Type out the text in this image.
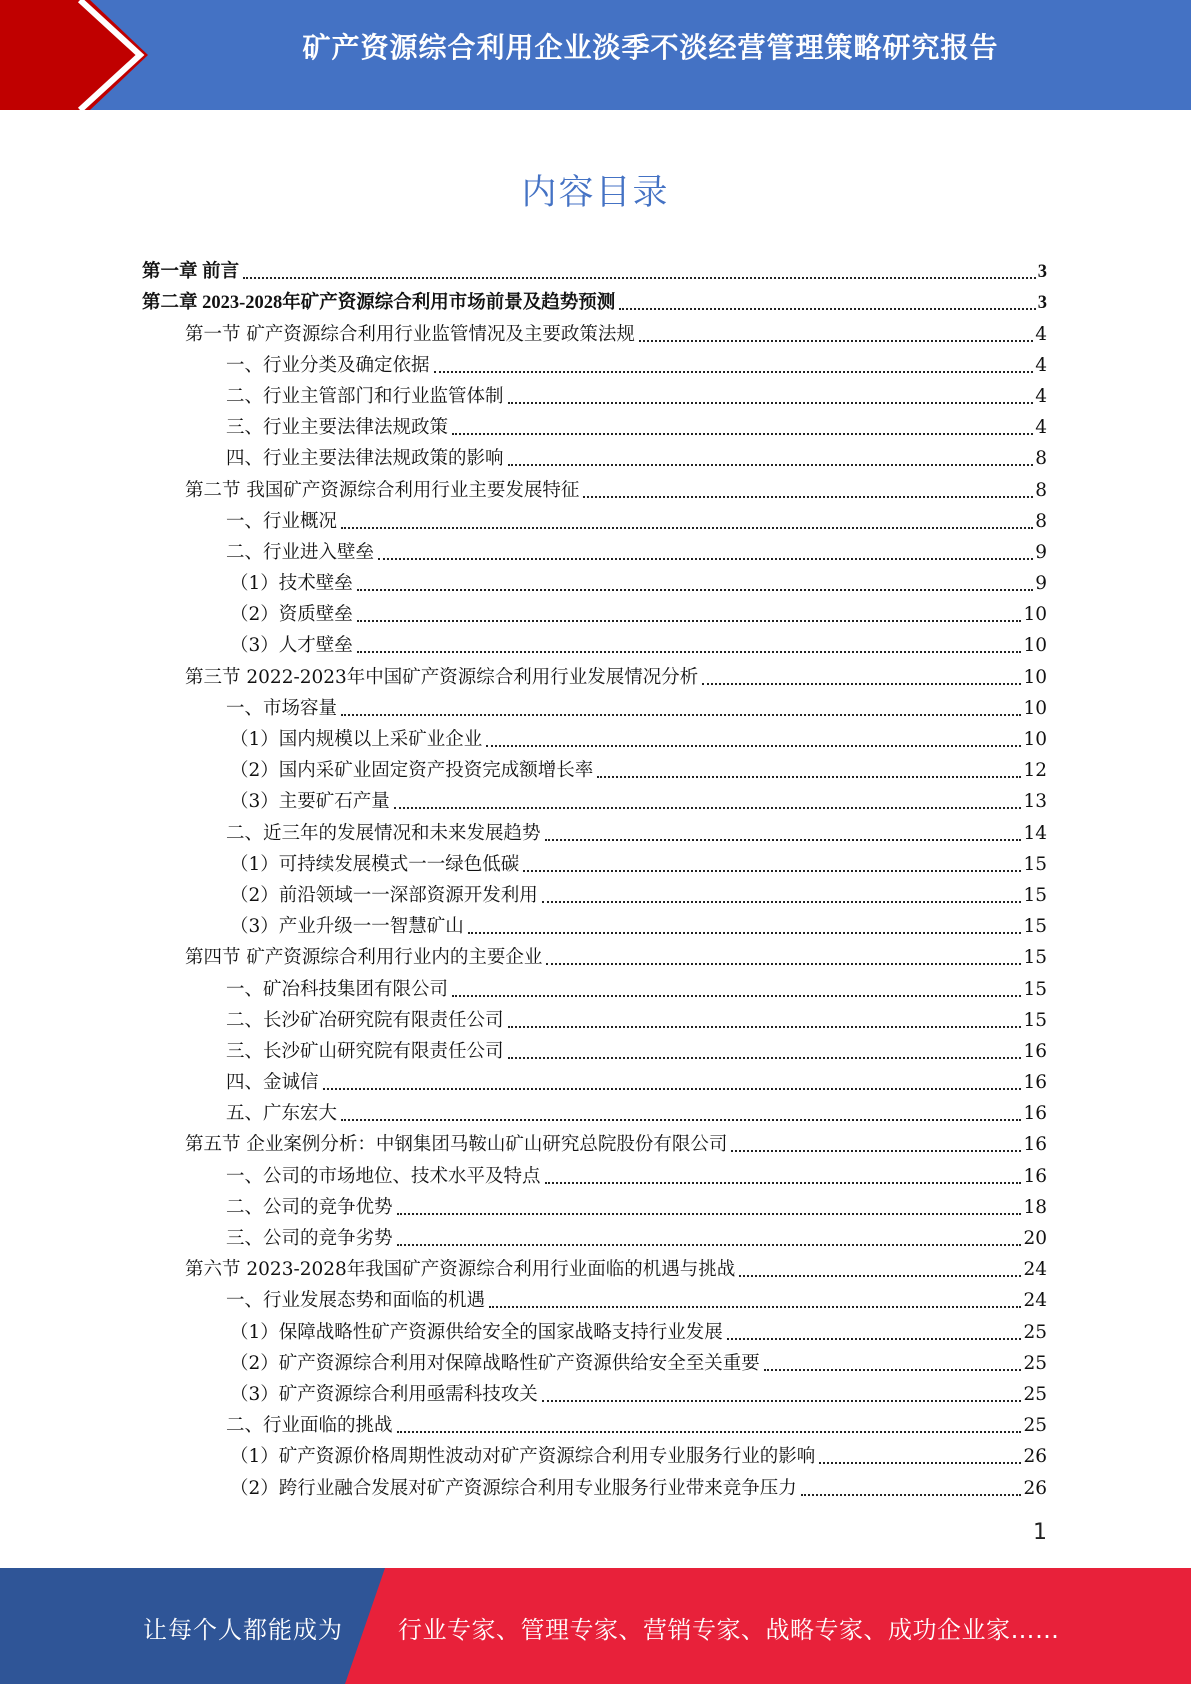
矿产资源综合利用企业淡季不淡经营管理策略研究报告
内容目录
第一章 前言	3
第二章 2023-2028年矿产资源综合利用市场前景及趋势预测	3
第一节 矿产资源综合利用行业监管情况及主要政策法规	4
一、行业分类及确定依据	4
二、行业主管部门和行业监管体制	4
三、行业主要法律法规政策	4
四、行业主要法律法规政策的影响	8
第二节 我国矿产资源综合利用行业主要发展特征	8
一、行业概况	8
二、行业进入壁垒	9
（1）技术壁垒	9
（2）资质壁垒	10
（3）人才壁垒	10
第三节 2022-2023年中国矿产资源综合利用行业发展情况分析	10
一、市场容量	10
（1）国内规模以上采矿业企业	10
（2）国内采矿业固定资产投资完成额增长率	12
（3）主要矿石产量	13
二、近三年的发展情况和未来发展趋势	14
（1）可持续发展模式一一绿色低碳	15
（2）前沿领域一一深部资源开发利用	15
（3）产业升级一一智慧矿山	15
第四节 矿产资源综合利用行业内的主要企业	15
一、矿冶科技集团有限公司	15
二、长沙矿冶研究院有限责任公司	15
三、长沙矿山研究院有限责任公司	16
四、金诚信	16
五、广东宏大	16
第五节 企业案例分析：中钢集团马鞍山矿山研究总院股份有限公司	16
一、公司的市场地位、技术水平及特点	16
二、公司的竞争优势	18
三、公司的竞争劣势	20
第六节 2023-2028年我国矿产资源综合利用行业面临的机遇与挑战	24
一、行业发展态势和面临的机遇	24
（1）保障战略性矿产资源供给安全的国家战略支持行业发展	25
（2）矿产资源综合利用对保障战略性矿产资源供给安全至关重要	25
（3）矿产资源综合利用亟需科技攻关	25
二、行业面临的挑战	25
（1）矿产资源价格周期性波动对矿产资源综合利用专业服务行业的影响	26
（2）跨行业融合发展对矿产资源综合利用专业服务行业带来竞争压力	26
1
让每个人都能成为 行业专家、管理专家、营销专家、战略专家、成功企业家……
